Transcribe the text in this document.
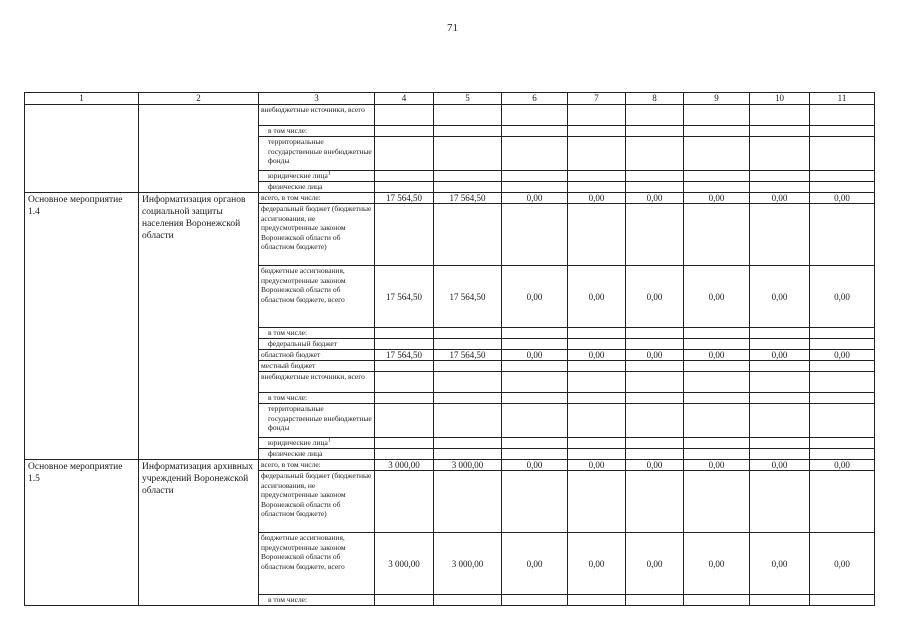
71
1	2	3	4	5	6	7	8	9	10	11
		внебюджетные источники, всего								
		в том числе:								
		территориальные государственные внебюджетные фонды								
		юридические лица$^1$								
		физические лица								
Основное мероприятие 1.4	Информатизация органов социальной защиты населения Воронежской области	всего, в том числе:	17 564,50	17 564,50	0,00	0,00	0,00	0,00	0,00	0,00
		федеральный бюджет (бюджетные ассигнования, не предусмотренные законом Воронежской области об областном бюджете)								
		бюджетные ассигнования, предусмотренные законом Воронежской области об областном бюджете, всего	17 564,50	17 564,50	0,00	0,00	0,00	0,00	0,00	0,00
		в том числе:								
		федеральный бюджет								
		областной бюджет	17 564,50	17 564,50	0,00	0,00	0,00	0,00	0,00	0,00
		местный бюджет								
		внебюджетные источники, всего								
		в том числе:								
		территориальные государственные внебюджетные фонды								
		юридические лица$^1$								
		физические лица								
Основное мероприятие 1.5	Информатизация архивных учреждений Воронежской области	всего, в том числе:	3 000,00	3 000,00	0,00	0,00	0,00	0,00	0,00	0,00
		федеральный бюджет (бюджетные ассигнования, не предусмотренные законом Воронежской области об областном бюджете)								
		бюджетные ассигнования, предусмотренные законом Воронежской области об областном бюджете, всего	3 000,00	3 000,00	0,00	0,00	0,00	0,00	0,00	0,00
		в том числе:								
